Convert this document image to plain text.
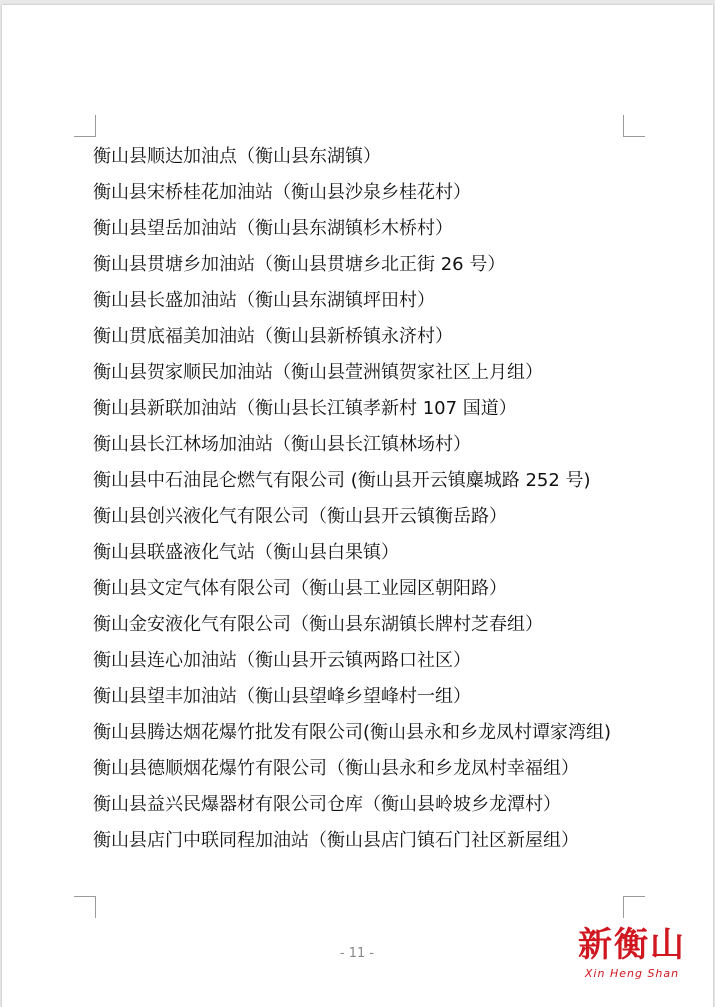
衡山县顺达加油点（衡山县东湖镇）
衡山县宋桥桂花加油站（衡山县沙泉乡桂花村）
衡山县望岳加油站（衡山县东湖镇杉木桥村）
衡山县贯塘乡加油站（衡山县贯塘乡北正街 26 号）
衡山县长盛加油站（衡山县东湖镇坪田村）
衡山贯底福美加油站（衡山县新桥镇永济村）
衡山县贺家顺民加油站（衡山县萱洲镇贺家社区上月组）
衡山县新联加油站（衡山县长江镇孝新村 107 国道）
衡山县长江林场加油站（衡山县长江镇林场村）
衡山县中石油昆仑燃气有限公司 (衡山县开云镇麋城路 252 号)
衡山县创兴液化气有限公司（衡山县开云镇衡岳路）
衡山县联盛液化气站（衡山县白果镇）
衡山县文定气体有限公司（衡山县工业园区朝阳路）
衡山金安液化气有限公司（衡山县东湖镇长牌村芝春组）
衡山县连心加油站（衡山县开云镇两路口社区）
衡山县望丰加油站（衡山县望峰乡望峰村一组）
衡山县腾达烟花爆竹批发有限公司(衡山县永和乡龙凤村谭家湾组)
衡山县德顺烟花爆竹有限公司（衡山县永和乡龙凤村幸福组）
衡山县益兴民爆器材有限公司仓库（衡山县岭坡乡龙潭村）
衡山县店门中联同程加油站（衡山县店门镇石门社区新屋组）
- 11 -	新衡山
Xin Heng Shan
